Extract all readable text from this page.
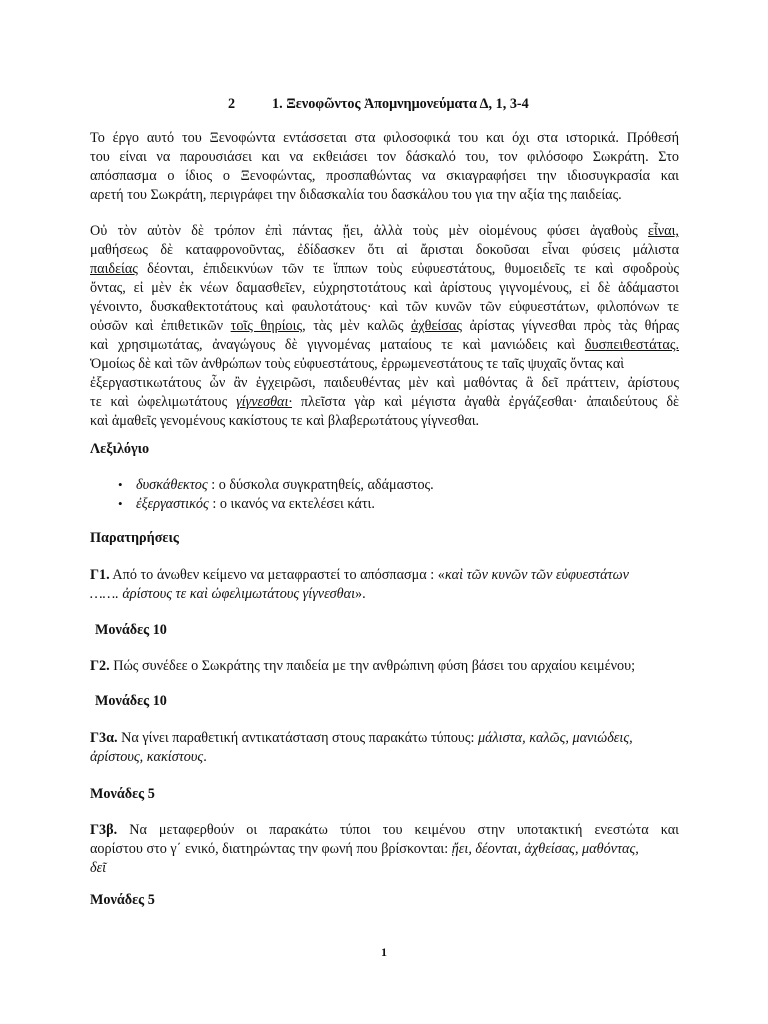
2	1. Ξενοφῶντος Ἀπομνημονεύματα Δ, 1, 3-4
Το έργο αυτό του Ξενοφώντα εντάσσεται στα φιλοσοφικά του και όχι στα ιστορικά. Πρόθεσή
του είναι να παρουσιάσει και να εκθειάσει τον δάσκαλό του, τον φιλόσοφο Σωκράτη. Στο
απόσπασμα ο ίδιος ο Ξενοφώντας, προσπαθώντας να σκιαγραφήσει την ιδιοσυγκρασία και
αρετή του Σωκράτη, περιγράφει την διδασκαλία του δασκάλου του για την αξία της παιδείας.
Οὐ τὸν αὐτὸν δὲ τρόπον ἐπὶ πάντας ᾔει, ἀλλὰ τοὺς μὲν οἰομένους φύσει ἀγαθοὺς εἶναι,
μαθήσεως δὲ καταφρονοῦντας, ἐδίδασκεν ὅτι αἱ ἄρισται δοκοῦσαι εἶναι φύσεις μάλιστα
παιδείας δέονται, ἐπιδεικνύων τῶν τε ἵππων τοὺς εὐφυεστάτους, θυμοειδεῖς τε καὶ σφοδροὺς
ὄντας, εἰ μὲν ἐκ νέων δαμασθεῖεν, εὐχρηστοτάτους καὶ ἀρίστους γιγνομένους, εἰ δὲ ἀδάμαστοι
γένοιντο, δυσκαθεκτοτάτους καὶ φαυλοτάτους· καὶ τῶν κυνῶν τῶν εὐφυεστάτων, φιλοπόνων τε
οὐσῶν καὶ ἐπιθετικῶν τοῖς θηρίοις, τὰς μὲν καλῶς ἀχθείσας ἀρίστας γίγνεσθαι πρὸς τὰς θήρας
καὶ χρησιμωτάτας, ἀναγώγους δὲ γιγνομένας ματαίους τε καὶ μανιώδεις καὶ δυσπειθεστάτας.
Ὁμοίως δὲ καὶ τῶν ἀνθρώπων τοὺς εὐφυεστάτους, ἐρρωμενεστάτους τε ταῖς ψυχαῖς ὄντας καὶ
ἐξεργαστικωτάτους ὧν ἂν ἐγχειρῶσι, παιδευθέντας μὲν καὶ μαθόντας ἃ δεῖ πράττειν, ἀρίστους
τε καὶ ὠφελιμωτάτους γίγνεσθαι· πλεῖστα γὰρ καὶ μέγιστα ἀγαθὰ ἐργάζεσθαι· ἀπαιδεύτους δὲ
καὶ ἀμαθεῖς γενομένους κακίστους τε καὶ βλαβερωτάτους γίγνεσθαι.
Λεξιλόγιο
• δυσκάθεκτος : ο δύσκολα συγκρατηθείς, αδάμαστος.
• ἐξεργαστικός : ο ικανός να εκτελέσει κάτι.
Παρατηρήσεις
Γ1. Από το άνωθεν κείμενο να μεταφραστεί το απόσπασμα : «καὶ τῶν κυνῶν τῶν εὐφυεστάτων
……. ἀρίστους τε καὶ ὠφελιμωτάτους γίγνεσθαι».
Μονάδες 10
Γ2. Πώς συνέδεε ο Σωκράτης την παιδεία με την ανθρώπινη φύση βάσει του αρχαίου κειμένου;
Μονάδες 10
Γ3α. Να γίνει παραθετική αντικατάσταση στους παρακάτω τύπους: μάλιστα, καλῶς, μανιώδεις,
ἀρίστους, κακίστους.
Μονάδες 5
Γ3β. Να μεταφερθούν οι παρακάτω τύποι του κειμένου στην υποτακτική ενεστώτα και
αορίστου στο γ΄ ενικό, διατηρώντας την φωνή που βρίσκονται: ᾔει, δέονται, ἀχθείσας, μαθόντας,
δεῖ
Μονάδες 5
1
